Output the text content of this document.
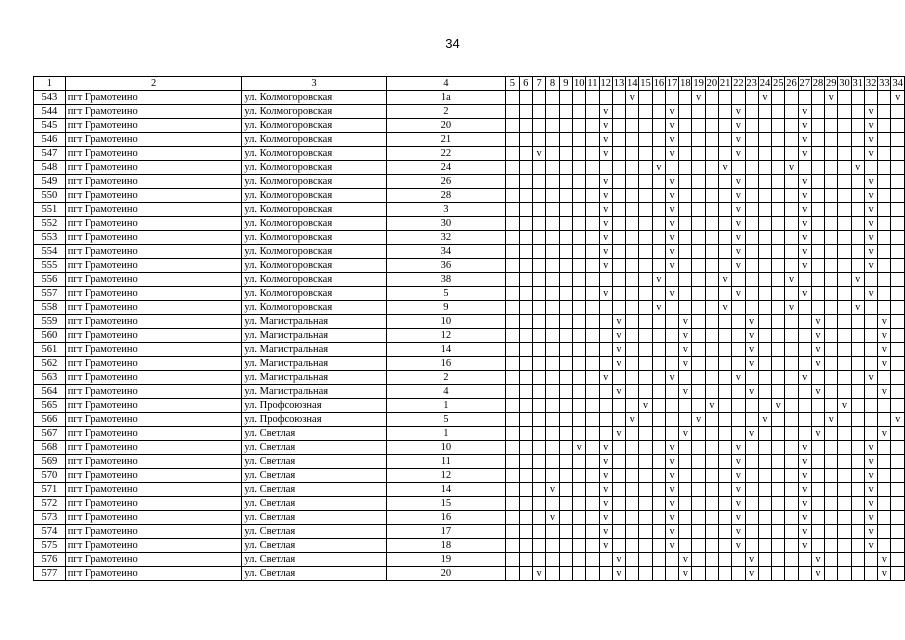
34
1	2	3	4	5	6	7	8	9	10	11	12	13	14	15	16	17	18	19	20	21	22	23	24	25	26	27	28	29	30	31	32	33	34
543	пгт Грамотеино	ул. Колмогоровская	1а										v					v					v					v					v
544	пгт Грамотеино	ул. Колмогоровская	2								v					v					v					v					v		
545	пгт Грамотеино	ул. Колмогоровская	20								v					v					v					v					v		
546	пгт Грамотеино	ул. Колмогоровская	21								v					v					v					v					v		
547	пгт Грамотеино	ул. Колмогоровская	22			v					v					v					v					v					v		
548	пгт Грамотеино	ул. Колмогоровская	24												v					v					v					v			
549	пгт Грамотеино	ул. Колмогоровская	26								v					v					v					v					v		
550	пгт Грамотеино	ул. Колмогоровская	28								v					v					v					v					v		
551	пгт Грамотеино	ул. Колмогоровская	3								v					v					v					v					v		
552	пгт Грамотеино	ул. Колмогоровская	30								v					v					v					v					v		
553	пгт Грамотеино	ул. Колмогоровская	32								v					v					v					v					v		
554	пгт Грамотеино	ул. Колмогоровская	34								v					v					v					v					v		
555	пгт Грамотеино	ул. Колмогоровская	36								v					v					v					v					v		
556	пгт Грамотеино	ул. Колмогоровская	38												v					v					v					v			
557	пгт Грамотеино	ул. Колмогоровская	5								v					v					v					v					v		
558	пгт Грамотеино	ул. Колмогоровская	9												v					v					v					v			
559	пгт Грамотеино	ул. Магистральная	10									v					v					v					v					v	
560	пгт Грамотеино	ул. Магистральная	12									v					v					v					v					v	
561	пгт Грамотеино	ул. Магистральная	14									v					v					v					v					v	
562	пгт Грамотеино	ул. Магистральная	16									v					v					v					v					v	
563	пгт Грамотеино	ул. Магистральная	2								v					v					v					v					v		
564	пгт Грамотеино	ул. Магистральная	4									v					v					v					v					v	
565	пгт Грамотеино	ул. Профсоюзная	1											v					v					v					v				
566	пгт Грамотеино	ул. Профсоюзная	5										v					v					v					v					v
567	пгт Грамотеино	ул. Светлая	1									v					v					v					v					v	
568	пгт Грамотеино	ул. Светлая	10						v		v					v					v					v					v		
569	пгт Грамотеино	ул. Светлая	11								v					v					v					v					v		
570	пгт Грамотеино	ул. Светлая	12								v					v					v					v					v		
571	пгт Грамотеино	ул. Светлая	14				v				v					v					v					v					v		
572	пгт Грамотеино	ул. Светлая	15								v					v					v					v					v		
573	пгт Грамотеино	ул. Светлая	16				v				v					v					v					v					v		
574	пгт Грамотеино	ул. Светлая	17								v					v					v					v					v		
575	пгт Грамотеино	ул. Светлая	18								v					v					v					v					v		
576	пгт Грамотеино	ул. Светлая	19									v					v					v					v					v	
577	пгт Грамотеино	ул. Светлая	20			v						v					v					v					v					v	
